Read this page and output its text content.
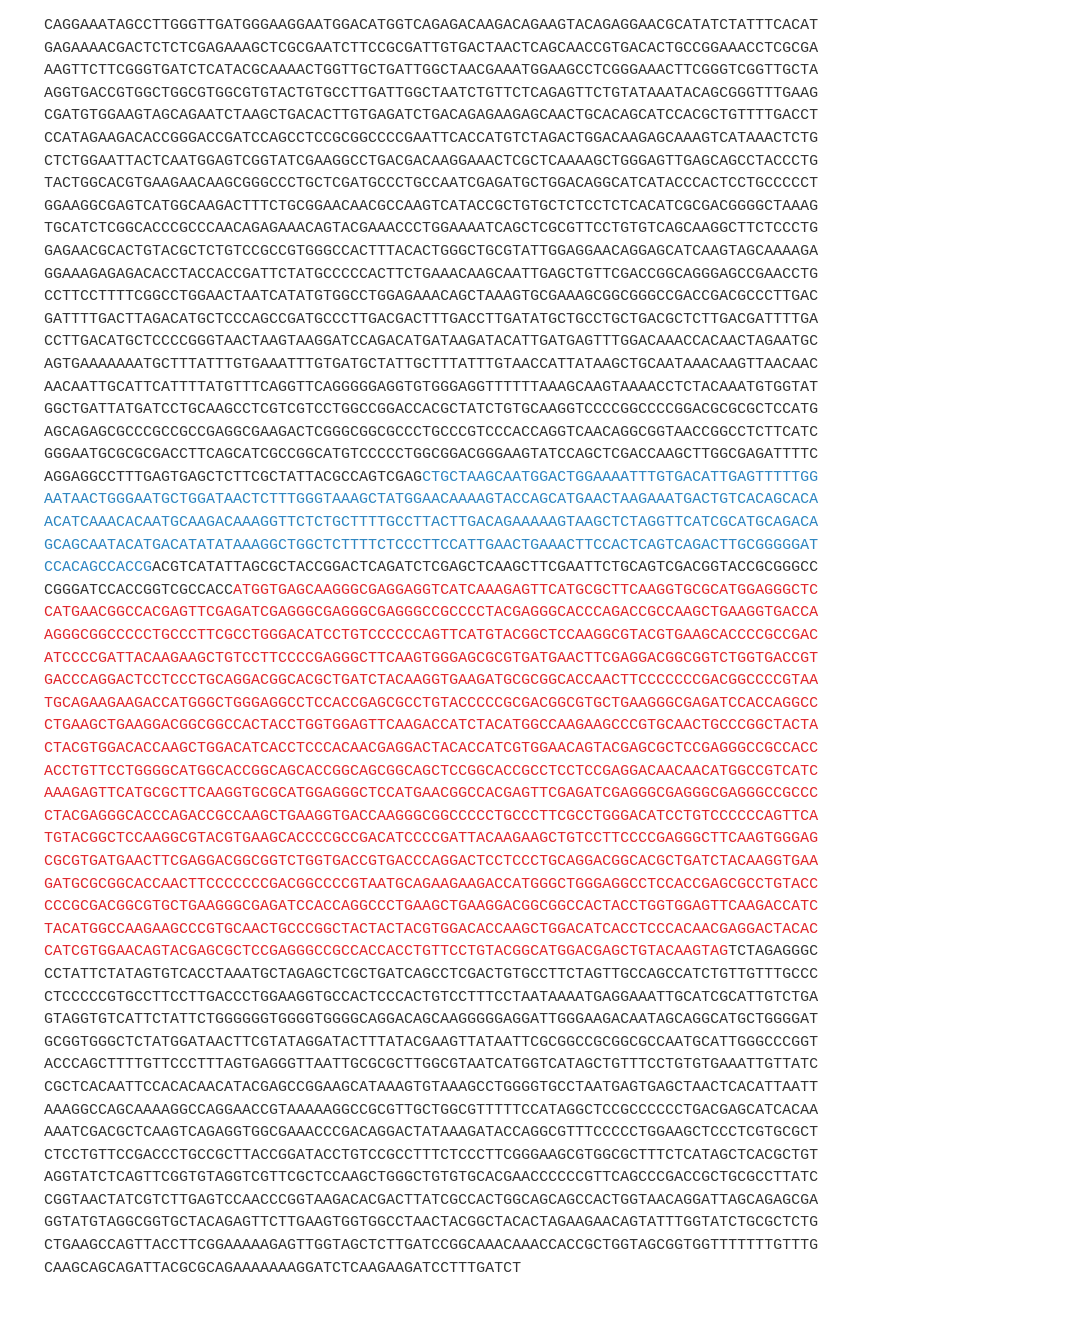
CAGGAAATAGCCTTGGGTTGATGGGAAGGAATGGACATGGTCAGAGACAAGACAGAAGTACAGAGGAACGCATATCTATTTCACAT
GAGAAAACGACTCTCTCGAGAAAGCTCGCGAATCTTCCGCGATTGTGACTAACTCAGCAACCGTGACACTGCCGGAAACCTCGCGA
AAGTTCTTCGGGTGATCTCATACGCAAAACTGGTTGCTGATTGGCTAACGAAATGGAAGCCTCGGGAAACTTCGGGTCGGTTGCTA
AGGTGACCGTGGCTGGCGTGGCGTGTACTGTGCCTTGATTGGCTAATCTGTTCTCAGAGTTCTGTATAAATACAGCGGGTTTGAAG
CGATGTGGAAGTAGCAGAATCTAAGCTGACACTTGTGAGATCTGACAGAGAAGAGCAACTGCACAGCATCCACGCTGTTTTGACCT
CCATAGAAGACACCGGGACCGATCCAGCCTCCGCGGCCCCGAATTCACCATGTCTAGACTGGACAAGAGCAAAGTCATAAACTCTG
CTCTGGAATTACTCAATGGAGTCGGTATCGAAGGCCTGACGACAAGGAAACTCGCTCAAAAGCTGGGAGTTGAGCAGCCTACCCTG
TACTGGCACGTGAAGAACAAGCGGGCCCTGCTCGATGCCCTGCCAATCGAGATGCTGGACAGGCATCATACCCACTCCTGCCCCCT
GGAAGGCGAGTCATGGCAAGACTTTCTGCGGAACAACGCCAAGTCATACCGCTGTGCTCTCCTCTCACATCGCGACGGGGCTAAAG
TGCATCTCGGCACCCGCCCAACAGAGAAACAGTACGAAACCCTGGAAAATCAGCTCGCGTTCCTGTGTCAGCAAGGCTTCTCCCTG
GAGAACGCACTGTACGCTCTGTCCGCCGTGGGCCACTTTACACTGGGCTGCGTATTGGAGGAACAGGAGCATCAAGTAGCAAAAGA
GGAAAGAGAGACACCTACCACCGATTCTATGCCCCCACTTCTGAAACAAGCAATTGAGCTGTTCGACCGGCAGGGAGCCGAACCTG
CCTTCCTTTTCGGCCTGGAACTAATCATATGTGGCCTGGAGAAACAGCTAAAGTGCGAAAGCGGCGGGCCGACCGACGCCCTTGAC
GATTTTGACTTAGACATGCTCCCAGCCGATGCCCTTGACGACTTTGACCTTGATATGCTGCCTGCTGACGCTCTTGACGATTTTGA
CCTTGACATGCTCCCCGGGTAACTAAGTAAGGATCCAGACATGATAAGATACATTGATGAGTTTGGACAAACCACAACTAGAATGC
AGTGAAAAAAATGCTTTATTTGTGAAATTTGTGATGCTATTGCTTTATTTGTAACCATTATAAGCTGCAATAAACAAGTTAACAAC
AACAATTGCATTCATTTTATGTTTCAGGTTCAGGGGGAGGTGTGGGAGGTTTTTTAAAGCAAGTAAAACCTCTACAAATGTGGTAT
GGCTGATTATGATCCTGCAAGCCTCGTCGTCCTGGCCGGACCACGCTATCTGTGCAAGGTCCCCGGCCCCGGACGCGCGCTCCATG
AGCAGAGCGCCCGCCGCCGAGGCGAAGACTCGGGCGGCGCCCTGCCCGTCCCACCAGGTCAACAGGCGGTAACCGGCCTCTTCATC
GGGAATGCGCGCGACCTTCAGCATCGCCGGCATGTCCCCCTGGCGGACGGGAAGTATCCAGCTCGACCAAGCTTGGCGAGATTTTC
AGGAGGCCTTTGAGTGAGCTCTTCGCTATTACGCCAGTCGAGCTGCTAAGCAATGGACTGGAAAATTTGTGACATTGAGTTTTTGG
AATAACTGGGAATGCTGGATAACTCTTTGGGTAAAGCTATGGAACAAAAGTACCAGCATGAACTAAGAAATGACTGTCACAGCACA
ACATCAAACACAATGCAAGACAAAGGTTCTCTGCTTTTGCCTTACTTGACAGAAAAAGTAAGCTCTAGGTTCATCGCATGCAGACA
GCAGCAATACATGACATATATAAAGGCTGGCTCTTTTCTCCCTTCCATTGAACTGAAACTTCCACTCAGTCAGACTTGCGGGGGAT
CCACAGCCACCGACGTCATATTAGCGCTACCGGACTCAGATCTCGAGCTCAAGCTTCGAATTCTGCAGTCGACGGTACCGCGGGCC
CGGGATCCACCGGTCGCCACCATGGTGAGCAAGGGCGAGGAGGTCATCAAAGAGTTCATGCGCTTCAAGGTGCGCATGGAGGGCTC
CATGAACGGCCACGAGTTCGAGATCGAGGGCGAGGGCGAGGGCCGCCCCTACGAGGGCACCCAGACCGCCAAGCTGAAGGTGACCA
AGGGCGGCCCCCTGCCCTTCGCCTGGGACATCCTGTCCCCCCAGTTCATGTACGGCTCCAAGGCGTACGTGAAGCACCCCGCCGAC
ATCCCCGATTACAAGAAGCTGTCCTTCCCCGAGGGCTTCAAGTGGGAGCGCGTGATGAACTTCGAGGACGGCGGTCTGGTGACCGT
GACCCAGGACTCCTCCCTGCAGGACGGCACGCTGATCTACAAGGTGAAGATGCGCGGCACCAACTTCCCCCCCGACGGCCCCGTAA
TGCAGAAGAAGACCATGGGCTGGGAGGCCTCCACCGAGCGCCTGTACCCCCGCGACGGCGTGCTGAAGGGCGAGATCCACCAGGCC
CTGAAGCTGAAGGACGGCGGCCACTACCTGGTGGAGTTCAAGACCATCTACATGGCCAAGAAGCCCGTGCAACTGCCCGGCTACTA
CTACGTGGACACCAAGCTGGACATCACCTCCCACAACGAGGACTACACCATCGTGGAACAGTACGAGCGCTCCGAGGGCCGCCACC
ACCTGTTCCTGGGGCATGGCACCGGCAGCACCGGCAGCGGCAGCTCCGGCACCGCCTCCTCCGAGGACAACAACATGGCCGTCATC
AAAGAGTTCATGCGCTTCAAGGTGCGCATGGAGGGCTCCATGAACGGCCACGAGTTCGAGATCGAGGGCGAGGGCGAGGGCCGCCC
CTACGAGGGCACCCAGACCGCCAAGCTGAAGGTGACCAAGGGCGGCCCCCTGCCCTTCGCCTGGGACATCCTGTCCCCCCAGTTCA
TGTACGGCTCCAAGGCGTACGTGAAGCACCCCGCCGACATCCCCGATTACAAGAAGCTGTCCTTCCCCGAGGGCTTCAAGTGGGAG
CGCGTGATGAACTTCGAGGACGGCGGTCTGGTGACCGTGACCCAGGACTCCTCCCTGCAGGACGGCACGCTGATCTACAAGGTGAA
GATGCGCGGCACCAACTTCCCCCCCGACGGCCCCGTAATGCAGAAGAAGACCATGGGCTGGGAGGCCTCCACCGAGCGCCTGTACC
CCCGCGACGGCGTGCTGAAGGGCGAGATCCACCAGGCCCTGAAGCTGAAGGACGGCGGCCACTACCTGGTGGAGTTCAAGACCATC
TACATGGCCAAGAAGCCCGTGCAACTGCCCGGCTACTACTACGTGGACACCAAGCTGGACATCACCTCCCACAACGAGGACTACAC
CATCGTGGAACAGTACGAGCGCTCCGAGGGCCGCCACCACCTGTTCCTGTACGGCATGGACGAGCTGTACAAGTAGTCTAGAGGGC
CCTATTCTATAGTGTCACCTAAATGCTAGAGCTCGCTGATCAGCCTCGACTGTGCCTTCTAGTTGCCAGCCATCTGTTGTTTGCCC
CTCCCCCGTGCCTTCCTTGACCCTGGAAGGTGCCACTCCCACTGTCCTTTCCTAATAAAATGAGGAAATTGCATCGCATTGTCTGA
GTAGGTGTCATTCTATTCTGGGGGGTGGGGTGGGGCAGGACAGCAAGGGGGAGGATTGGGAAGACAATAGCAGGCATGCTGGGGAT
GCGGTGGGCTCTATGGATAACTTCGTATAGGATACTTTATACGAAGTTATAATTCGCGGCCGCGGCGCCAATGCATTGGGCCCGGT
ACCCAGCTTTTGTTCCCTTTAGTGAGGGTTAATTGCGCGCTTGGCGTAATCATGGTCATAGCTGTTTCCTGTGTGAAATTGTTATC
CGCTCACAATTCCACACAACATACGAGCCGGAAGCATAAAGTGTAAAGCCTGGGGTGCCTAATGAGTGAGCTAACTCACATTAATT
AAAGGCCAGCAAAAGGCCAGGAACCGTAAAAAGGCCGCGTTGCTGGCGTTTTTCCATAGGCTCCGCCCCCCTGACGAGCATCACAA
AAATCGACGCTCAAGTCAGAGGTGGCGAAACCCGACAGGACTATAAAGATACCAGGCGTTTCCCCCTGGAAGCTCCCTCGTGCGCT
CTCCTGTTCCGACCCTGCCGCTTACCGGATACCTGTCCGCCTTTCTCCCTTCGGGAAGCGTGGCGCTTTCTCATAGCTCACGCTGT
AGGTATCTCAGTTCGGTGTAGGTCGTTCGCTCCAAGCTGGGCTGTGTGCACGAACCCCCCGTTCAGCCCGACCGCTGCGCCTTATC
CGGTAACTATCGTCTTGAGTCCAACCCGGTAAGACACGACTTATCGCCACTGGCAGCAGCCACTGGTAACAGGATTAGCAGAGCGA
GGTATGTAGGCGGTGCTACAGAGTTCTTGAAGTGGTGGCCTAACTACGGCTACACTAGAAGAACAGTATTTGGTATCTGCGCTCTG
CTGAAGCCAGTTACCTTCGGAAAAAGAGTTGGTAGCTCTTGATCCGGCAAACAAACCACCGCTGGTAGCGGTGGTTTTTTTGTTTG
CAAGCAGCAGATTACGCGCAGAAAAAAAGGATCTCAAGAAGATCCTTTGATCT
